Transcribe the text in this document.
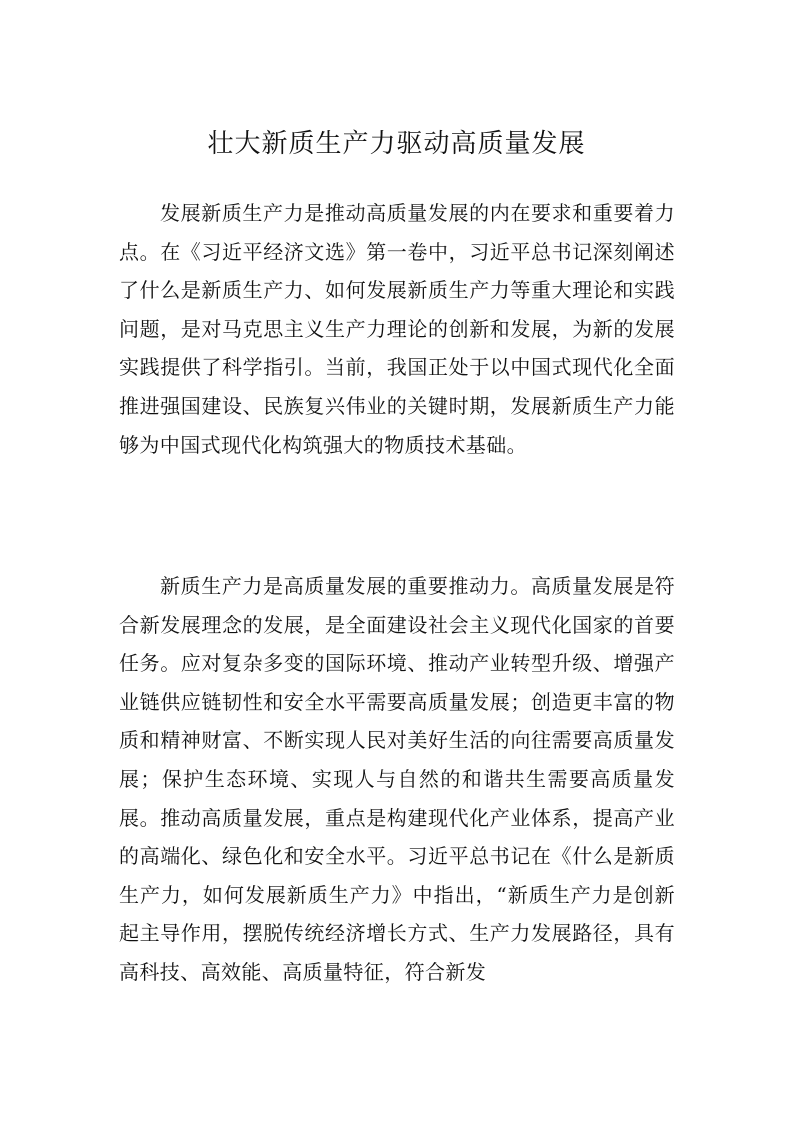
壮大新质生产力驱动高质量发展

发展新质生产力是推动高质量发展的内在要求和重要着力点。在《习近平经济文选》第一卷中，习近平总书记深刻阐述了什么是新质生产力、如何发展新质生产力等重大理论和实践问题，是对马克思主义生产力理论的创新和发展，为新的发展实践提供了科学指引。当前，我国正处于以中国式现代化全面推进强国建设、民族复兴伟业的关键时期，发展新质生产力能够为中国式现代化构筑强大的物质技术基础。

新质生产力是高质量发展的重要推动力。高质量发展是符合新发展理念的发展，是全面建设社会主义现代化国家的首要任务。应对复杂多变的国际环境、推动产业转型升级、增强产业链供应链韧性和安全水平需要高质量发展；创造更丰富的物质和精神财富、不断实现人民对美好生活的向往需要高质量发展；保护生态环境、实现人与自然的和谐共生需要高质量发展。推动高质量发展，重点是构建现代化产业体系，提高产业的高端化、绿色化和安全水平。习近平总书记在《什么是新质生产力，如何发展新质生产力》中指出，“新质生产力是创新起主导作用，摆脱传统经济增长方式、生产力发展路径，具有高科技、高效能、高质量特征，符合新发
